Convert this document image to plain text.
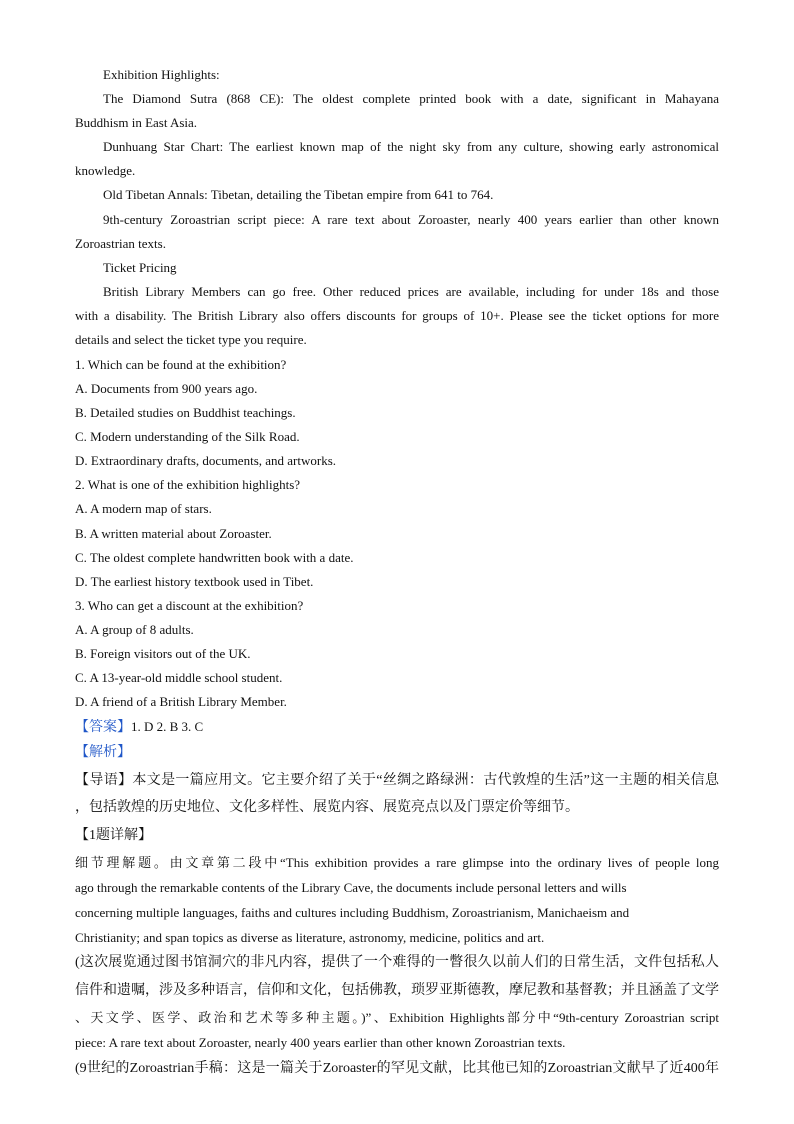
Exhibition Highlights:
The Diamond Sutra (868 CE): The oldest complete printed book with a date, significant in Mahayana
Buddhism in East Asia.
Dunhuang Star Chart: The earliest known map of the night sky from any culture, showing early astronomical
knowledge.
Old Tibetan Annals: Tibetan, detailing the Tibetan empire from 641 to 764.
9th-century Zoroastrian script piece: A rare text about Zoroaster, nearly 400 years earlier than other known
Zoroastrian texts.
Ticket Pricing
British Library Members can go free. Other reduced prices are available, including for under 18s and those
with a disability. The British Library also offers discounts for groups of 10+. Please see the ticket options for more
details and select the ticket type you require.
1. Which can be found at the exhibition?
A. Documents from 900 years ago.
B. Detailed studies on Buddhist teachings.
C. Modern understanding of the Silk Road.
D. Extraordinary drafts, documents, and artworks.
2. What is one of the exhibition highlights?
A. A modern map of stars.
B. A written material about Zoroaster.
C. The oldest complete handwritten book with a date.
D. The earliest history textbook used in Tibet.
3. Who can get a discount at the exhibition?
A. A group of 8 adults.
B. Foreign visitors out of the UK.
C. A 13-year-old middle school student.
D. A friend of a British Library Member.
【答案】1. D 2. B 3. C
【解析】
【导语】本文是一篇应用文。它主要介绍了关于“丝绸之路绿洲：古代敦煌的生活”这一主题的相关信息
，包括敦煌的历史地位、文化多样性、展览内容、展览亮点以及门票定价等细节。
【1题详解】
细节理解题。由文章第二段中“This exhibition provides a rare glimpse into the ordinary lives of people long
ago through the remarkable contents of the Library Cave, the documents include personal letters and wills
concerning multiple languages, faiths and cultures including Buddhism, Zoroastrianism, Manichaeism and
Christianity; and span topics as diverse as literature, astronomy, medicine, politics and art.
(这次展览通过图书馆洞穴的非凡内容，提供了一个难得的一瞥很久以前人们的日常生活，文件包括私人
信件和遗嘱，涉及多种语言，信仰和文化，包括佛教，琐罗亚斯德教，摩尼教和基督教；并且涵盖了文学
、天文学、医学、政治和艺术等多种主题。)”、Exhibition Highlights部分中“9th-century Zoroastrian script
piece: A rare text about Zoroaster, nearly 400 years earlier than other known Zoroastrian texts.
(9世纪的Zoroastrian手稿：这是一篇关于Zoroaster的罕见文献，比其他已知的Zoroastrian文献早了近400年
